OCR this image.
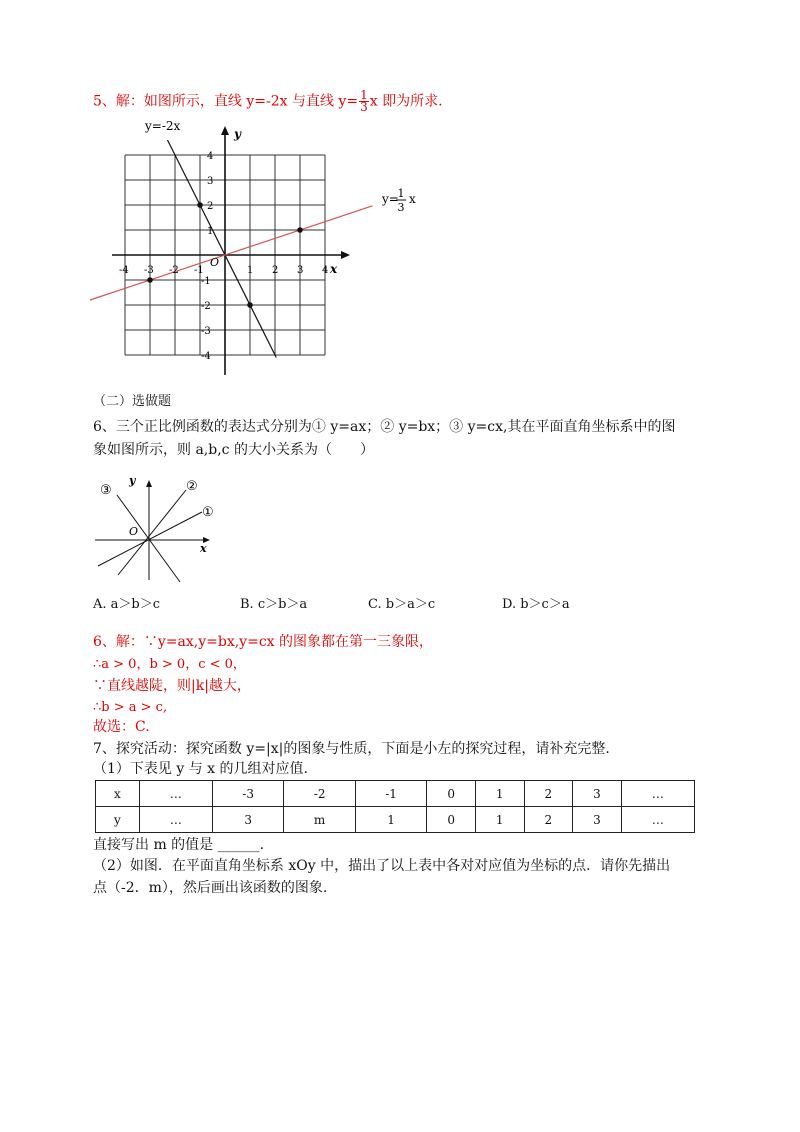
5、解：如图所示，直线 y=-2x 与直线 $y= \frac{1}{3}$ x 即为所求.
-4 -3 -2 -1	1 2 3 4
4
3
2
1
-1
-2
-3
-4
x
y
O
y=-2x
y=
1
3
x
（二）选做题
6、三个正比例函数的表达式分别为① y=ax；② y=bx；③ y=cx,其在平面直角坐标系中的图
象如图所示，则 a,b,c 的大小关系为（　　）
y
x
O
①
②
③
A. a＞b＞c	B. c＞b＞a	C. b＞a＞c	D. b＞c＞a
6、解：∵y=ax,y=bx,y=cx 的图象都在第一三象限，
∴a > 0，b > 0，c < 0，
∵直线越陡，则|k|越大，
∴b > a > c,
故选：C.
7、探究活动：探究函数 y=|x|的图象与性质，下面是小左的探究过程，请补充完整.
（1）下表见 y 与 x 的几组对应值.
x	…	-3	-2	-1	0	1	2	3	…
y	…	3	m	1	0	1	2	3	…
直接写出 m 的值是 ______.
（2）如图．在平面直角坐标系 xOy 中，描出了以上表中各对对应值为坐标的点．请你先描出
点（-2．m），然后画出该函数的图象.
